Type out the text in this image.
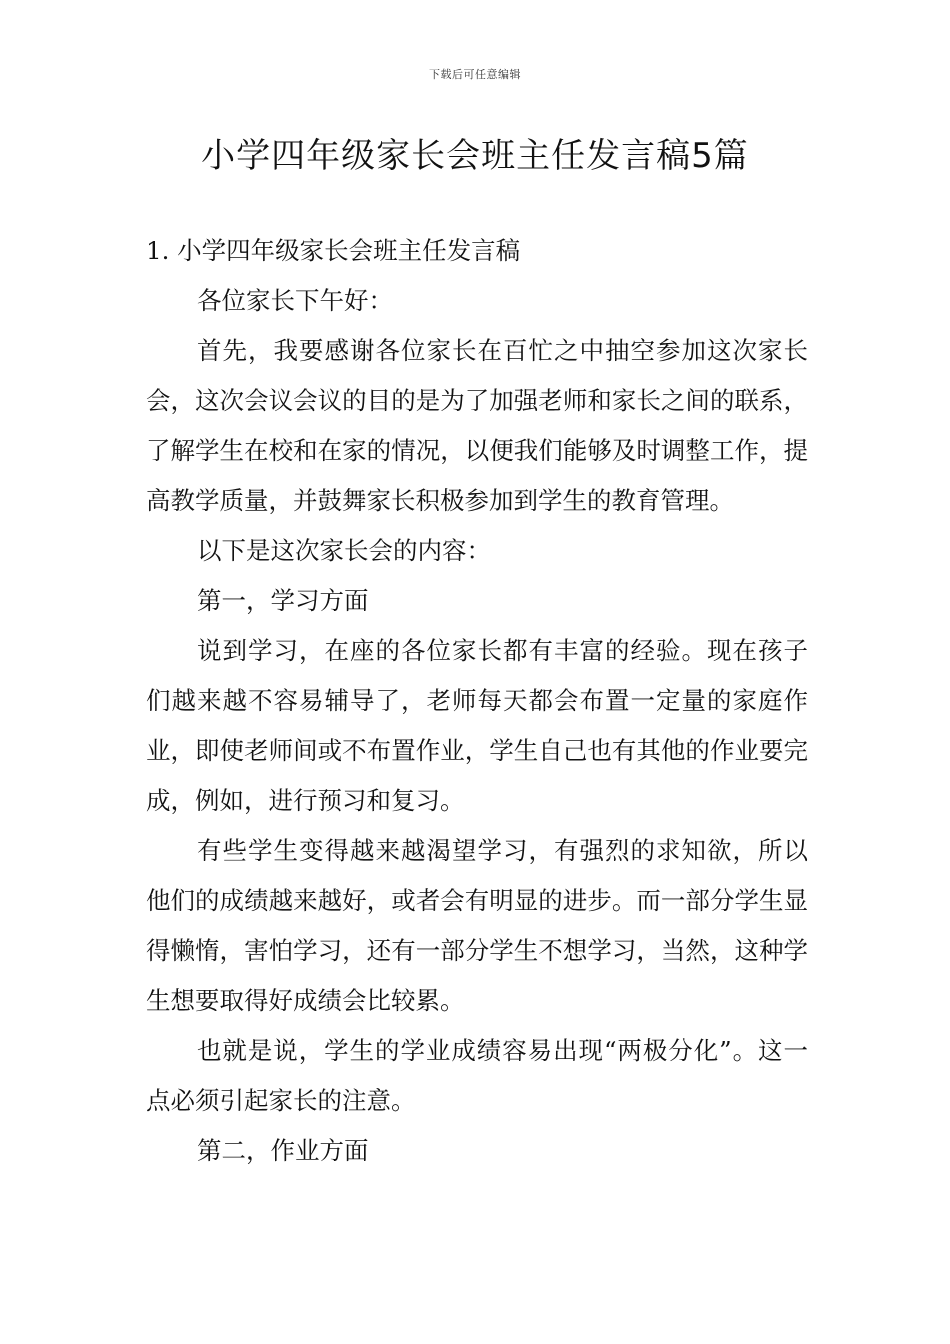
下载后可任意编辑
小学四年级家长会班主任发言稿5篇

1. 小学四年级家长会班主任发言稿

各位家长下午好：

首先，我要感谢各位家长在百忙之中抽空参加这次家长会，这次会议会议的目的是为了加强老师和家长之间的联系，了解学生在校和在家的情况，以便我们能够及时调整工作，提高教学质量，并鼓舞家长积极参加到学生的教育管理。

以下是这次家长会的内容：

第一，学习方面

说到学习，在座的各位家长都有丰富的经验。现在孩子们越来越不容易辅导了，老师每天都会布置一定量的家庭作业，即使老师间或不布置作业，学生自己也有其他的作业要完成，例如，进行预习和复习。

有些学生变得越来越渴望学习，有强烈的求知欲，所以他们的成绩越来越好，或者会有明显的进步。而一部分学生显得懒惰，害怕学习，还有一部分学生不想学习，当然，这种学生想要取得好成绩会比较累。

也就是说，学生的学业成绩容易出现“两极分化”。这一点必须引起家长的注意。

第二，作业方面
